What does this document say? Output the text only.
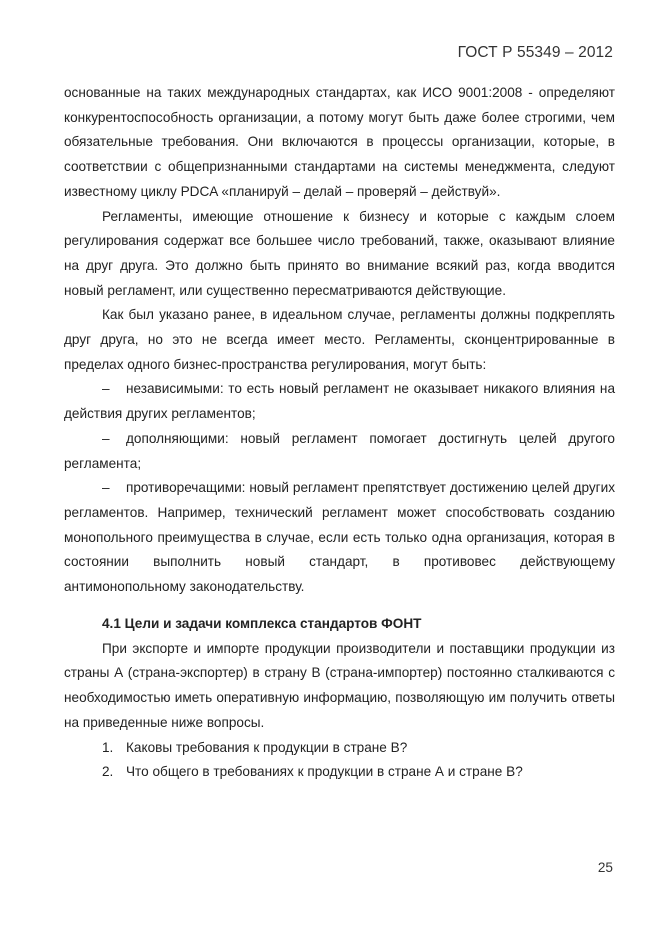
ГОСТ Р 55349 – 2012

основанные на таких международных стандартах, как ИСО 9001:2008 - определяют конкурентоспособность организации, а потому могут быть даже более строгими, чем обязательные требования. Они включаются в процессы организации, которые, в соответствии с общепризнанными стандартами на системы менеджмента, следуют известному циклу PDCA «планируй – делай – проверяй – действуй».

Регламенты, имеющие отношение к бизнесу и которые с каждым слоем регулирования содержат все большее число требований, также, оказывают влияние на друг друга. Это должно быть принято во внимание всякий раз, когда вводится новый регламент, или существенно пересматриваются действующие.

Как был указано ранее, в идеальном случае, регламенты должны подкреплять друг друга, но это не всегда имеет место. Регламенты, сконцентрированные в пределах одного бизнес-пространства регулирования, могут быть:

– независимыми: то есть новый регламент не оказывает никакого влияния на действия других регламентов;

– дополняющими: новый регламент помогает достигнуть целей другого регламента;

– противоречащими: новый регламент препятствует достижению целей других регламентов. Например, технический регламент может способствовать созданию монопольного преимущества в случае, если есть только одна организация, которая в состоянии выполнить новый стандарт, в противовес действующему антимонопольному законодательству.

4.1 Цели и задачи комплекса стандартов ФОНТ

При экспорте и импорте продукции производители и поставщики продукции из страны А (страна-экспортер) в страну В (страна-импортер) постоянно сталкиваются с необходимостью иметь оперативную информацию, позволяющую им получить ответы на приведенные ниже вопросы.

1. Каковы требования к продукции в стране В?

2. Что общего в требованиях к продукции в стране А и стране В?

25
